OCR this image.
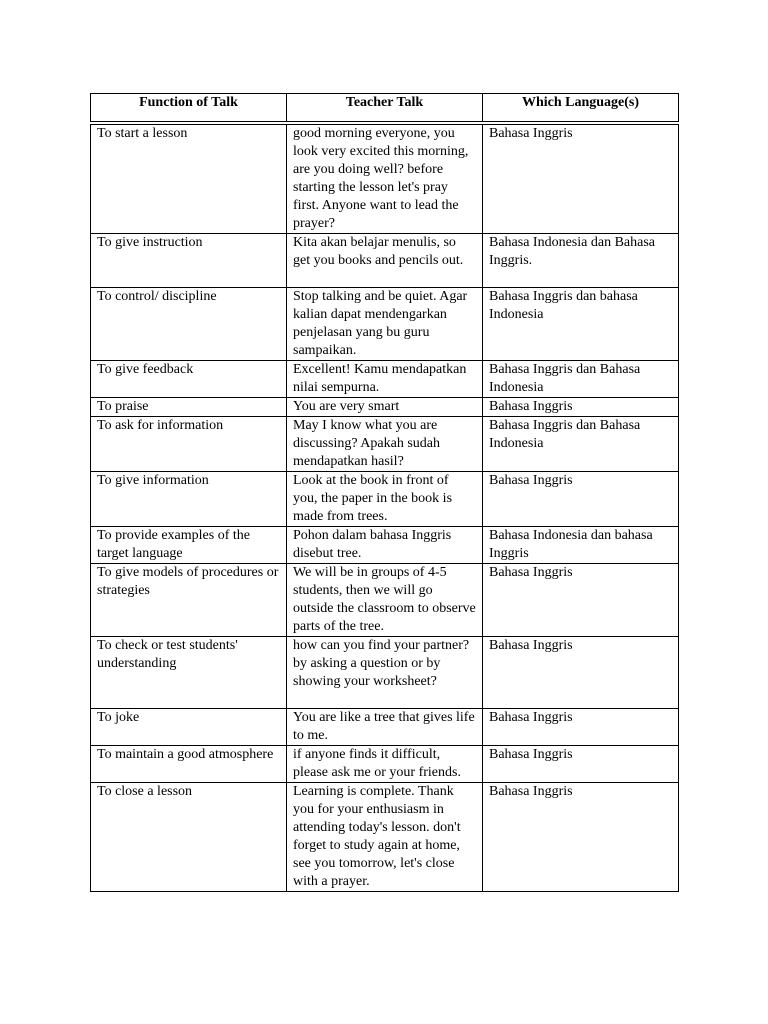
Function of Talk	Teacher Talk	Which Language(s)
To start a lesson	good morning everyone, you look very excited this morning, are you doing well? before starting the lesson let's pray first. Anyone want to lead the prayer?	Bahasa Inggris
To give instruction	Kita akan belajar menulis, so get you books and pencils out.	Bahasa Indonesia dan Bahasa Inggris.
To control/ discipline	Stop talking and be quiet. Agar kalian dapat mendengarkan penjelasan yang bu guru sampaikan.	Bahasa Inggris dan bahasa Indonesia
To give feedback	Excellent! Kamu mendapatkan nilai sempurna.	Bahasa Inggris dan Bahasa Indonesia
To praise	You are very smart	Bahasa Inggris
To ask for information	May I know what you are discussing? Apakah sudah mendapatkan hasil?	Bahasa Inggris dan Bahasa Indonesia
To give information	Look at the book in front of you, the paper in the book is made from trees.	Bahasa Inggris
To provide examples of the target language	Pohon dalam bahasa Inggris disebut tree.	Bahasa Indonesia dan bahasa Inggris
To give models of procedures or strategies	We will be in groups of 4-5 students, then we will go outside the classroom to observe parts of the tree.	Bahasa Inggris
To check or test students' understanding	how can you find your partner? by asking a question or by showing your worksheet?	Bahasa Inggris
To joke	You are like a tree that gives life to me.	Bahasa Inggris
To maintain a good atmosphere	if anyone finds it difficult, please ask me or your friends.	Bahasa Inggris
To close a lesson	Learning is complete. Thank you for your enthusiasm in attending today's lesson. don't forget to study again at home, see you tomorrow, let's close with a prayer.	Bahasa Inggris
